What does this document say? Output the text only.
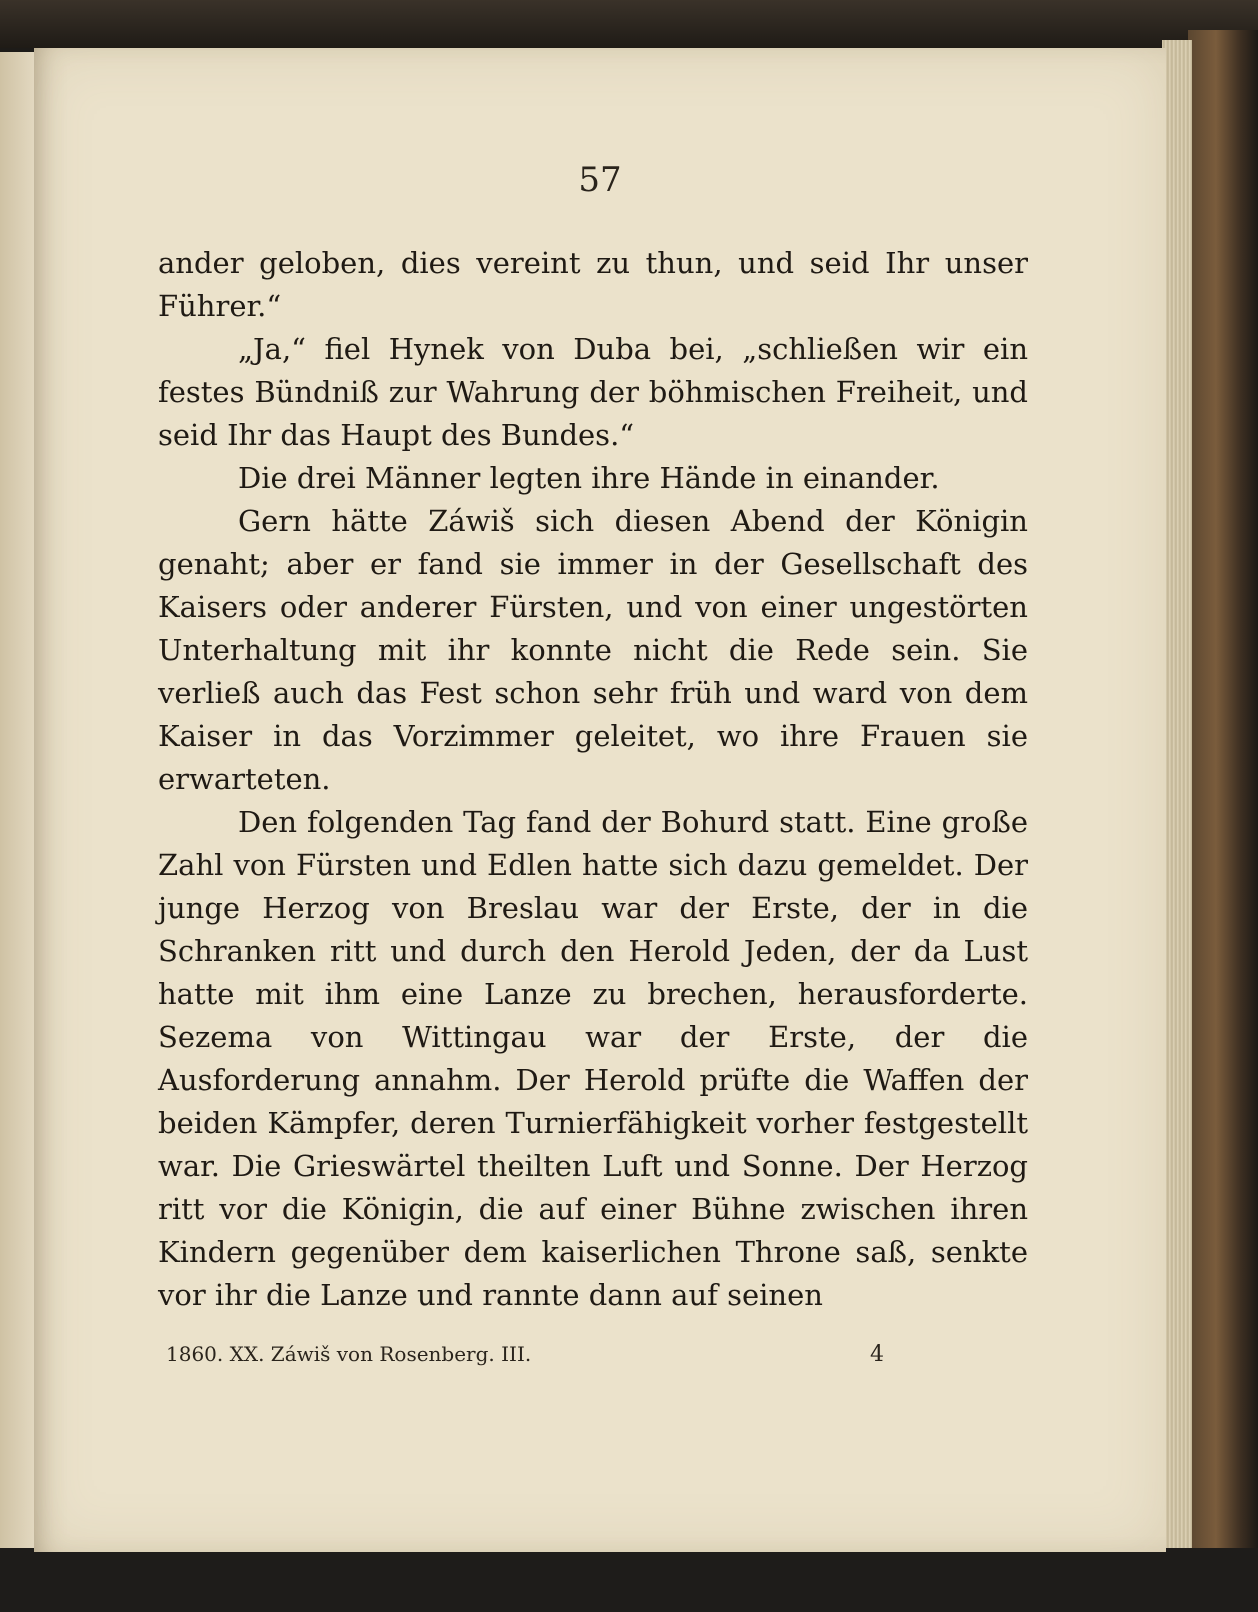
57

ander geloben, dies vereint zu thun, und seid Ihr unser Führer.“

„Ja,“ fiel Hynek von Duba bei, „schließen wir ein festes Bündniß zur Wahrung der böhmischen Freiheit, und seid Ihr das Haupt des Bundes.“

Die drei Männer legten ihre Hände in einander.

Gern hätte Záwiš sich diesen Abend der Königin genaht; aber er fand sie immer in der Gesellschaft des Kaisers oder anderer Fürsten, und von einer ungestörten Unterhaltung mit ihr konnte nicht die Rede sein. Sie verließ auch das Fest schon sehr früh und ward von dem Kaiser in das Vorzimmer geleitet, wo ihre Frauen sie erwarteten.

Den folgenden Tag fand der Bohurd statt. Eine große Zahl von Fürsten und Edlen hatte sich dazu gemeldet. Der junge Herzog von Breslau war der Erste, der in die Schranken ritt und durch den Herold Jeden, der da Lust hatte mit ihm eine Lanze zu brechen, herausforderte. Sezema von Wittingau war der Erste, der die Ausforderung annahm. Der Herold prüfte die Waffen der beiden Kämpfer, deren Turnierfähigkeit vorher festgestellt war. Die Grieswärtel theilten Luft und Sonne. Der Herzog ritt vor die Königin, die auf einer Bühne zwischen ihren Kindern gegenüber dem kaiserlichen Throne saß, senkte vor ihr die Lanze und rannte dann auf seinen

1860. XX. Záwiš von Rosenberg. III.	4
